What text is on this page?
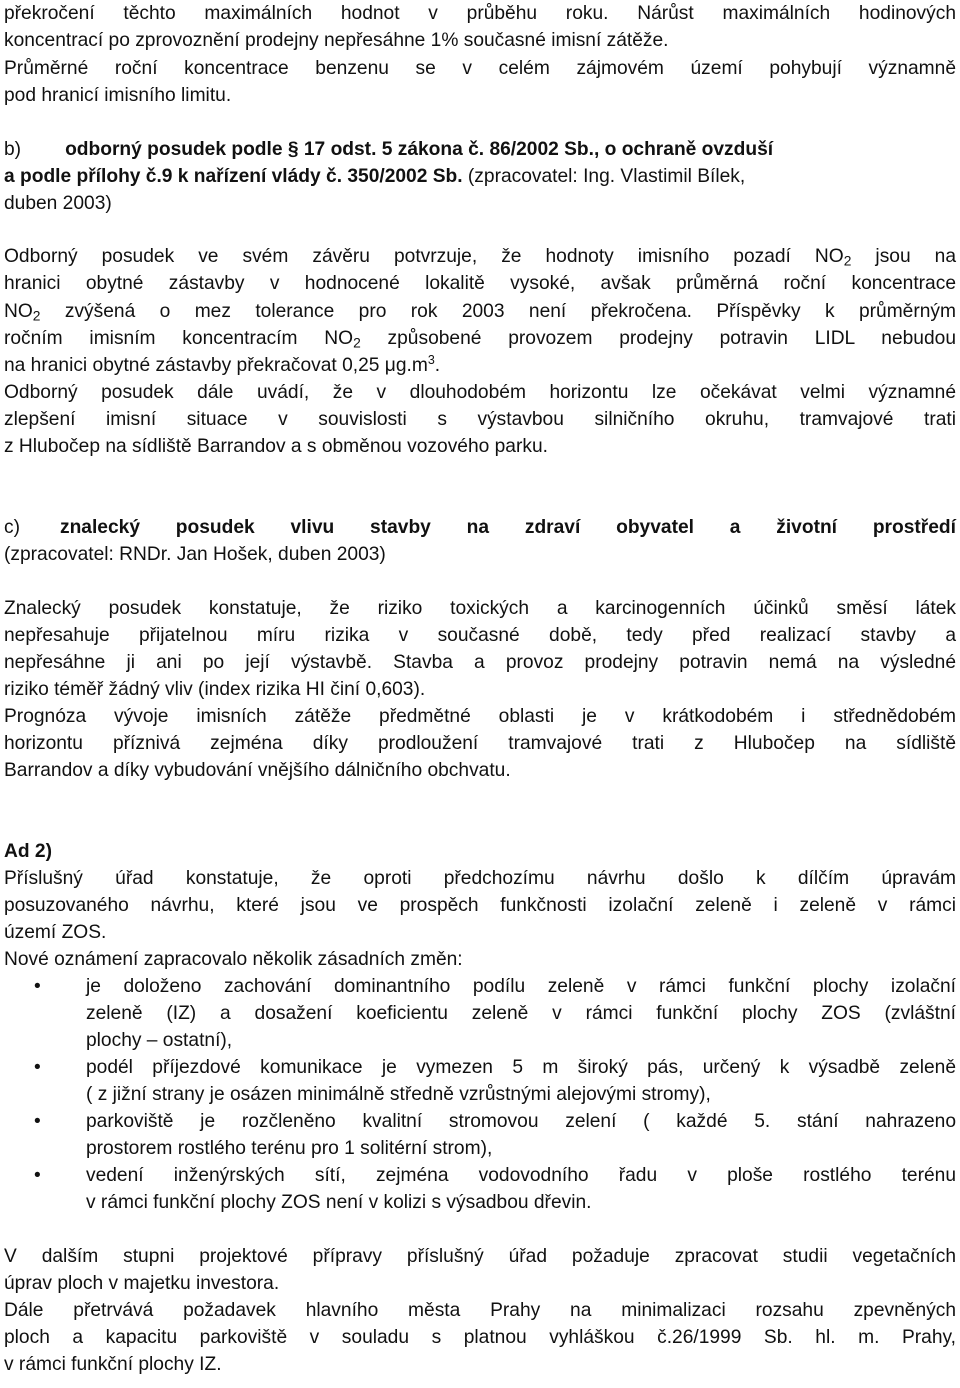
překročení těchto maximálních hodnot v průběhu roku. Nárůst maximálních hodinových
koncentrací po zprovoznění prodejny nepřesáhne 1% současné imisní zátěže.
Průměrné roční koncentrace benzenu se v celém zájmovém území pohybují významně
pod hranicí imisního limitu.
b) odborný posudek podle § 17 odst. 5 zákona č. 86/2002 Sb., o ochraně ovzduší
a podle přílohy č.9 k nařízení vlády č. 350/2002 Sb. (zpracovatel: Ing. Vlastimil Bílek,
duben 2003)
Odborný posudek ve svém závěru potvrzuje, že hodnoty imisního pozadí $NO_2$ jsou na
hranici obytné zástavby v hodnocené lokalitě vysoké, avšak průměrná roční koncentrace
$NO_2$ zvýšená o mez tolerance pro rok 2003 není překročena. Příspěvky k průměrným
ročním imisním koncentracím $NO_2$ způsobené provozem prodejny potravin LIDL nebudou
na hranici obytné zástavby překračovat 0,25 $\mu g.m^3$.
Odborný posudek dále uvádí, že v dlouhodobém horizontu lze očekávat velmi významné
zlepšení imisní situace v souvislosti s výstavbou silničního okruhu, tramvajové trati
z Hlubočep na sídliště Barrandov a s obměnou vozového parku.
c) znalecký posudek vlivu stavby na zdraví obyvatel a životní prostředí
(zpracovatel: RNDr. Jan Hošek, duben 2003)
Znalecký posudek konstatuje, že riziko toxických a karcinogenních účinků směsí látek
nepřesahuje přijatelnou míru rizika v současné době, tedy před realizací stavby a
nepřesáhne ji ani po její výstavbě. Stavba a provoz prodejny potravin nemá na výsledné
riziko téměř žádný vliv (index rizika HI činí 0,603).
Prognóza vývoje imisních zátěže předmětné oblasti je v krátkodobém i střednědobém
horizontu příznivá zejména díky prodloužení tramvajové trati z Hlubočep na sídliště
Barrandov a díky vybudování vnějšího dálničního obchvatu.
Ad 2)
Příslušný úřad konstatuje, že oproti předchozímu návrhu došlo k dílčím úpravám
posuzovaného návrhu, které jsou ve prospěch funkčnosti izolační zeleně i zeleně v rámci
území ZOS.
Nové oznámení zapracovalo několik zásadních změn:
• je doloženo zachování dominantního podílu zeleně v rámci funkční plochy izolační
zeleně (IZ) a dosažení koeficientu zeleně v rámci funkční plochy ZOS (zvláštní
plochy – ostatní),
• podél příjezdové komunikace je vymezen 5 m široký pás, určený k výsadbě zeleně
( z jižní strany je osázen minimálně středně vzrůstnými alejovými stromy),
• parkoviště je rozčleněno kvalitní stromovou zelení ( každé 5. stání nahrazeno
prostorem rostlého terénu pro 1 solitérní strom),
• vedení inženýrských sítí, zejména vodovodního řadu v ploše rostlého terénu
v rámci funkční plochy ZOS není v kolizi s výsadbou dřevin.
V dalším stupni projektové přípravy příslušný úřad požaduje zpracovat studii vegetačních
úprav ploch v majetku investora.
Dále přetrvává požadavek hlavního města Prahy na minimalizaci rozsahu zpevněných
ploch a kapacitu parkoviště v souladu s platnou vyhláškou č.26/1999 Sb. hl. m. Prahy,
v rámci funkční plochy IZ.
